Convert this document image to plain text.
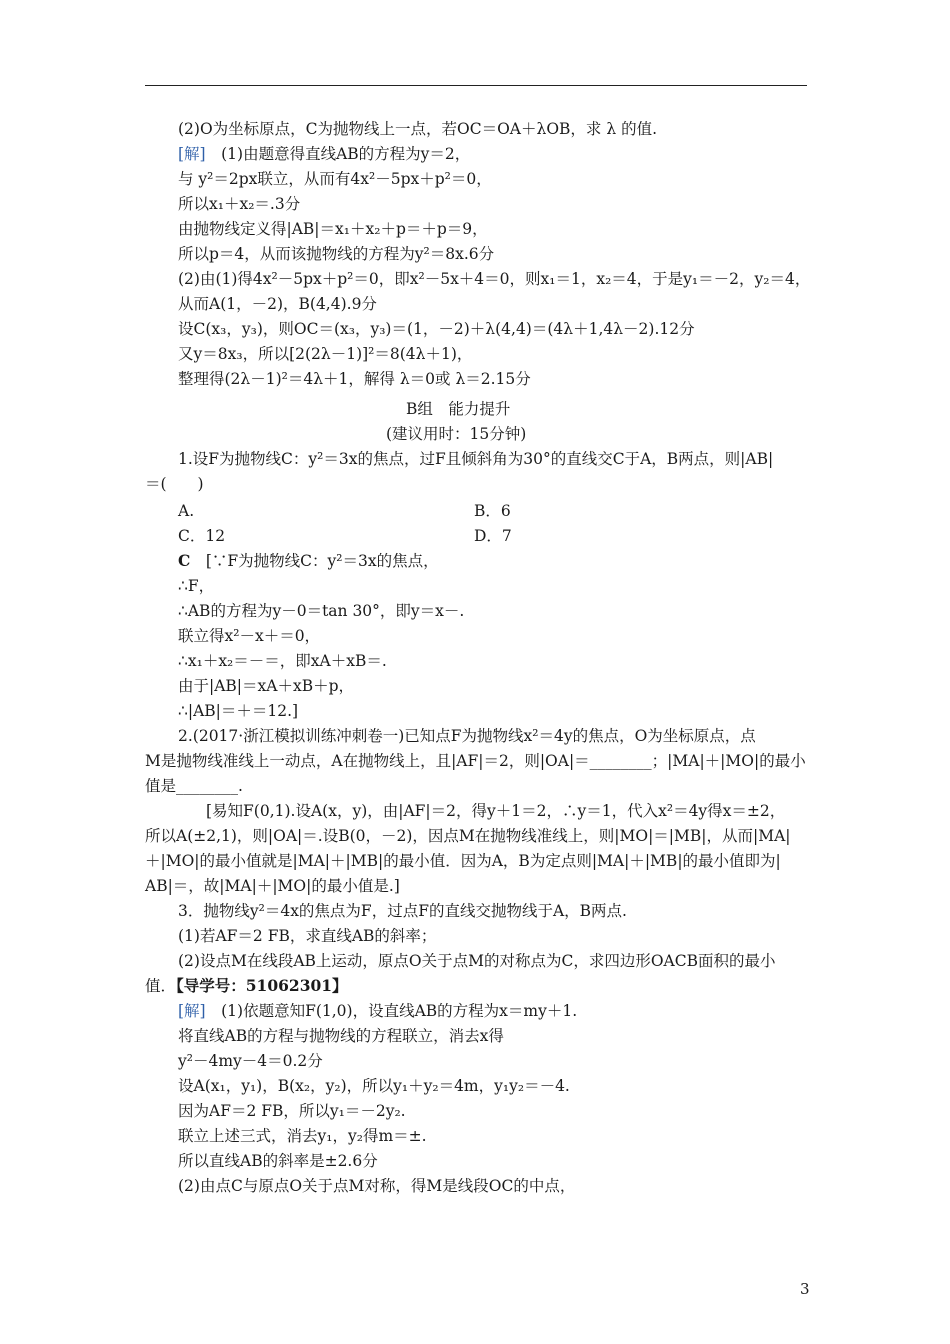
(2)O为坐标原点，C为抛物线上一点，若OC＝OA＋λOB，求 λ 的值.
[解]　(1)由题意得直线AB的方程为y＝2，
与 y²＝2px联立，从而有4x²－5px＋p²＝0，
所以x₁＋x₂＝.3分
由抛物线定义得|AB|＝x₁＋x₂＋p＝＋p＝9，
所以p＝4，从而该抛物线的方程为y²＝8x.6分
(2)由(1)得4x²－5px＋p²＝0，即x²－5x＋4＝0，则x₁＝1，x₂＝4，于是y₁＝－2，y₂＝4，
从而A(1，－2)，B(4,4).9分
设C(x₃，y₃)，则OC＝(x₃，y₃)＝(1，－2)＋λ(4,4)＝(4λ＋1,4λ－2).12分
又y＝8x₃，所以[2(2λ－1)]²＝8(4λ＋1)，
整理得(2λ－1)²＝4λ＋1，解得 λ＝0或 λ＝2.15分
B组　能力提升
(建议用时：15分钟)
1.设F为抛物线C：y²＝3x的焦点，过F且倾斜角为30°的直线交C于A，B两点，则|AB|
＝(　　)
A.	B．6
C．12	D．7
C　[∵F为抛物线C：y²＝3x的焦点，
∴F，
∴AB的方程为y－0＝tan 30°，即y＝x－.
联立得x²－x＋＝0，
∴x₁＋x₂＝－＝，即xA＋xB＝.
由于|AB|＝xA＋xB＋p，
∴|AB|＝＋＝12.]
2.(2017·浙江模拟训练冲刺卷一)已知点F为抛物线x²＝4y的焦点，O为坐标原点，点
M是抛物线准线上一动点，A在抛物线上，且|AF|＝2，则|OA|＝________；|MA|＋|MO|的最小
值是________.
[易知F(0,1).设A(x，y)，由|AF|＝2，得y＋1＝2，∴y＝1，代入x²＝4y得x＝±2，
所以A(±2,1)，则|OA|＝.设B(0，－2)，因点M在抛物线准线上，则|MO|＝|MB|，从而|MA|
＋|MO|的最小值就是|MA|＋|MB|的最小值．因为A，B为定点则|MA|＋|MB|的最小值即为|
AB|＝，故|MA|＋|MO|的最小值是.]
3．抛物线y²＝4x的焦点为F，过点F的直线交抛物线于A，B两点.
(1)若AF＝2 FB，求直线AB的斜率；
(2)设点M在线段AB上运动，原点O关于点M的对称点为C，求四边形OACB面积的最小
值．【导学号：51062301】
[解]　(1)依题意知F(1,0)，设直线AB的方程为x＝my＋1.
将直线AB的方程与抛物线的方程联立，消去x得
y²－4my－4＝0.2分
设A(x₁，y₁)，B(x₂，y₂)，所以y₁＋y₂＝4m，y₁y₂＝－4.
因为AF＝2 FB，所以y₁＝－2y₂.
联立上述三式，消去y₁，y₂得m＝±.
所以直线AB的斜率是±2.6分
(2)由点C与原点O关于点M对称，得M是线段OC的中点，
3
